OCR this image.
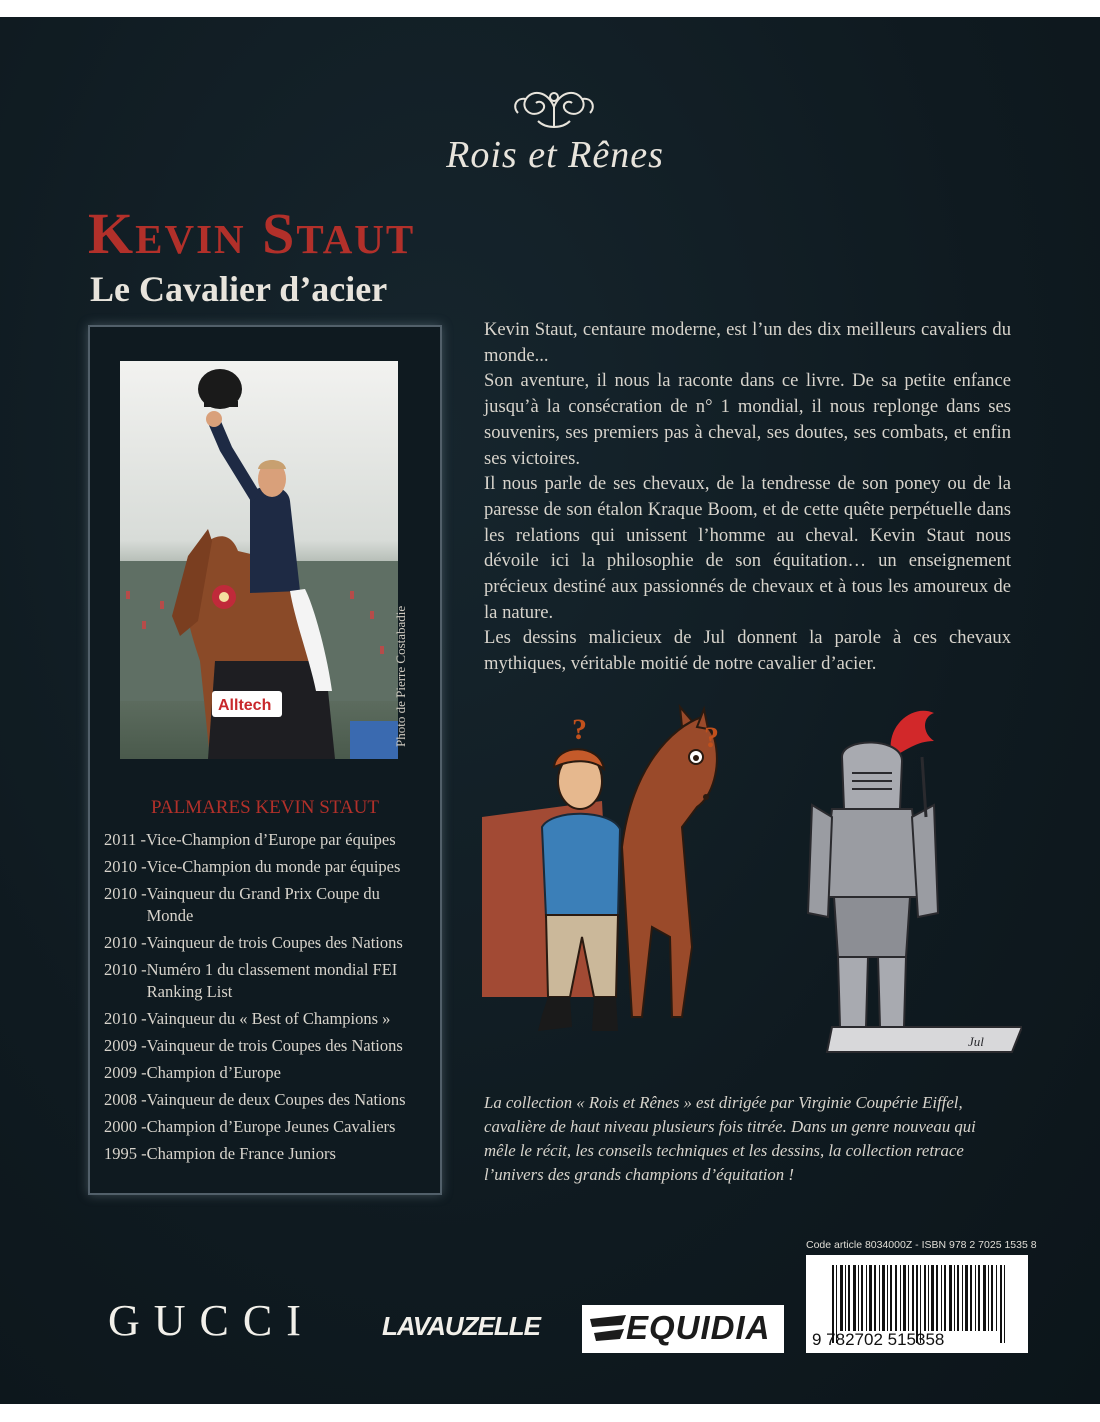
Rois et Rênes
Kevin Staut
Le Cavalier d’acier
Alltech	Photo de Pierre Costabadie
PALMARES KEVIN STAUT
2011 - Vice-Champion d’Europe par équipes
2010 - Vice-Champion du monde par équipes
2010 - Vainqueur du Grand Prix Coupe du Monde
2010 - Vainqueur de trois Coupes des Nations
2010 - Numéro 1 du classement mondial FEI Ranking List
2010 - Vainqueur du « Best of Champions »
2009 - Vainqueur de trois Coupes des Nations
2009 - Champion d’Europe
2008 - Vainqueur de deux Coupes des Nations
2000 - Champion d’Europe Jeunes Cavaliers
1995 - Champion de France Juniors

Kevin Staut, centaure moderne, est l’un des dix meilleurs cavaliers du monde...

Son aventure, il nous la raconte dans ce livre. De sa petite enfance jusqu’à la consécration de n° 1 mondial, il nous replonge dans ses souvenirs, ses premiers pas à cheval, ses doutes, ses combats, et enfin ses victoires.

Il nous parle de ses chevaux, de la tendresse de son poney ou de la paresse de son étalon Kraque Boom, et de cette quête perpétuelle dans les relations qui unissent l’homme au cheval. Kevin Staut nous dévoile ici la philosophie de son équitation… un enseignement précieux destiné aux passionnés de chevaux et à tous les amoureux de la nature.

Les dessins malicieux de Jul donnent la parole à ces chevaux mythiques, véritable moitié de notre cavalier d’acier.

?
?
Jul
La collection « Rois et Rênes » est dirigée par Virginie Coupérie Eiffel, cavalière de haut niveau plusieurs fois titrée. Dans un genre nouveau qui mêle le récit, les conseils techniques et les dessins, la collection retrace l’univers des grands champions d’équitation !
Code article 8034000Z - ISBN 978 2 7025 1535 8
9 782702 515358
GUCCI	LAVAUZELLE	EQUIDIA
